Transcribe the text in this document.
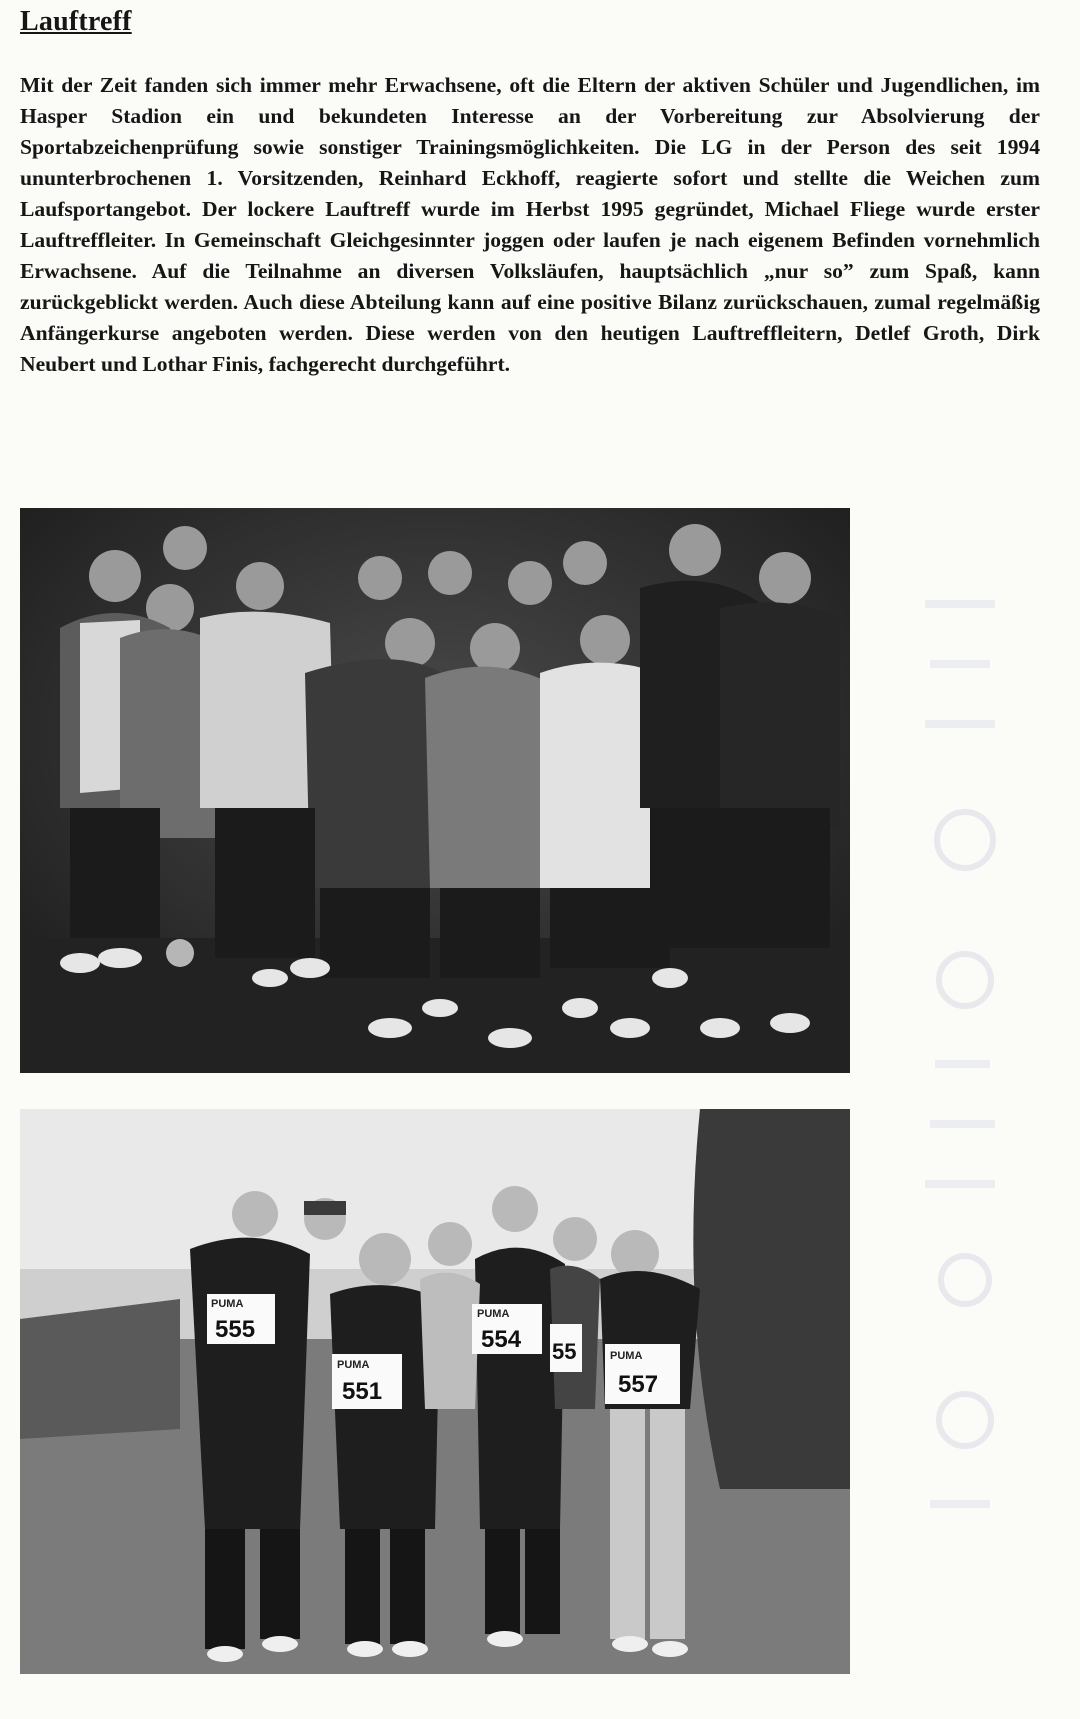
Lauftreff

Mit der Zeit fanden sich immer mehr Erwachsene, oft die Eltern der aktiven Schüler und Jugendlichen, im Hasper Stadion ein und bekundeten Interesse an der Vorbereitung zur Absolvierung der Sportabzeichenprüfung sowie sonstiger Trainingsmöglichkeiten. Die LG in der Person des seit 1994 ununterbrochenen 1. Vorsitzenden, Reinhard Eckhoff, reagierte sofort und stellte die Weichen zum Laufsportangebot. Der lockere Lauftreff wurde im Herbst 1995 gegründet, Michael Fliege wurde erster Lauftreffleiter. In Gemeinschaft Gleichgesinnter joggen oder laufen je nach eigenem Befinden vornehmlich Erwachsene. Auf die Teilnahme an diversen Volksläufen, hauptsächlich „nur so” zum Spaß, kann zurückgeblickt werden. Auch diese Abteilung kann auf eine positive Bilanz zurückschauen, zumal regelmäßig Anfängerkurse angeboten werden. Diese werden von den heutigen Lauftreffleitern, Detlef Groth, Dirk Neubert und Lothar Finis, fachgerecht durchgeführt.

PUMA
555
PUMA
551
PUMA
554 55	PUMA
557
